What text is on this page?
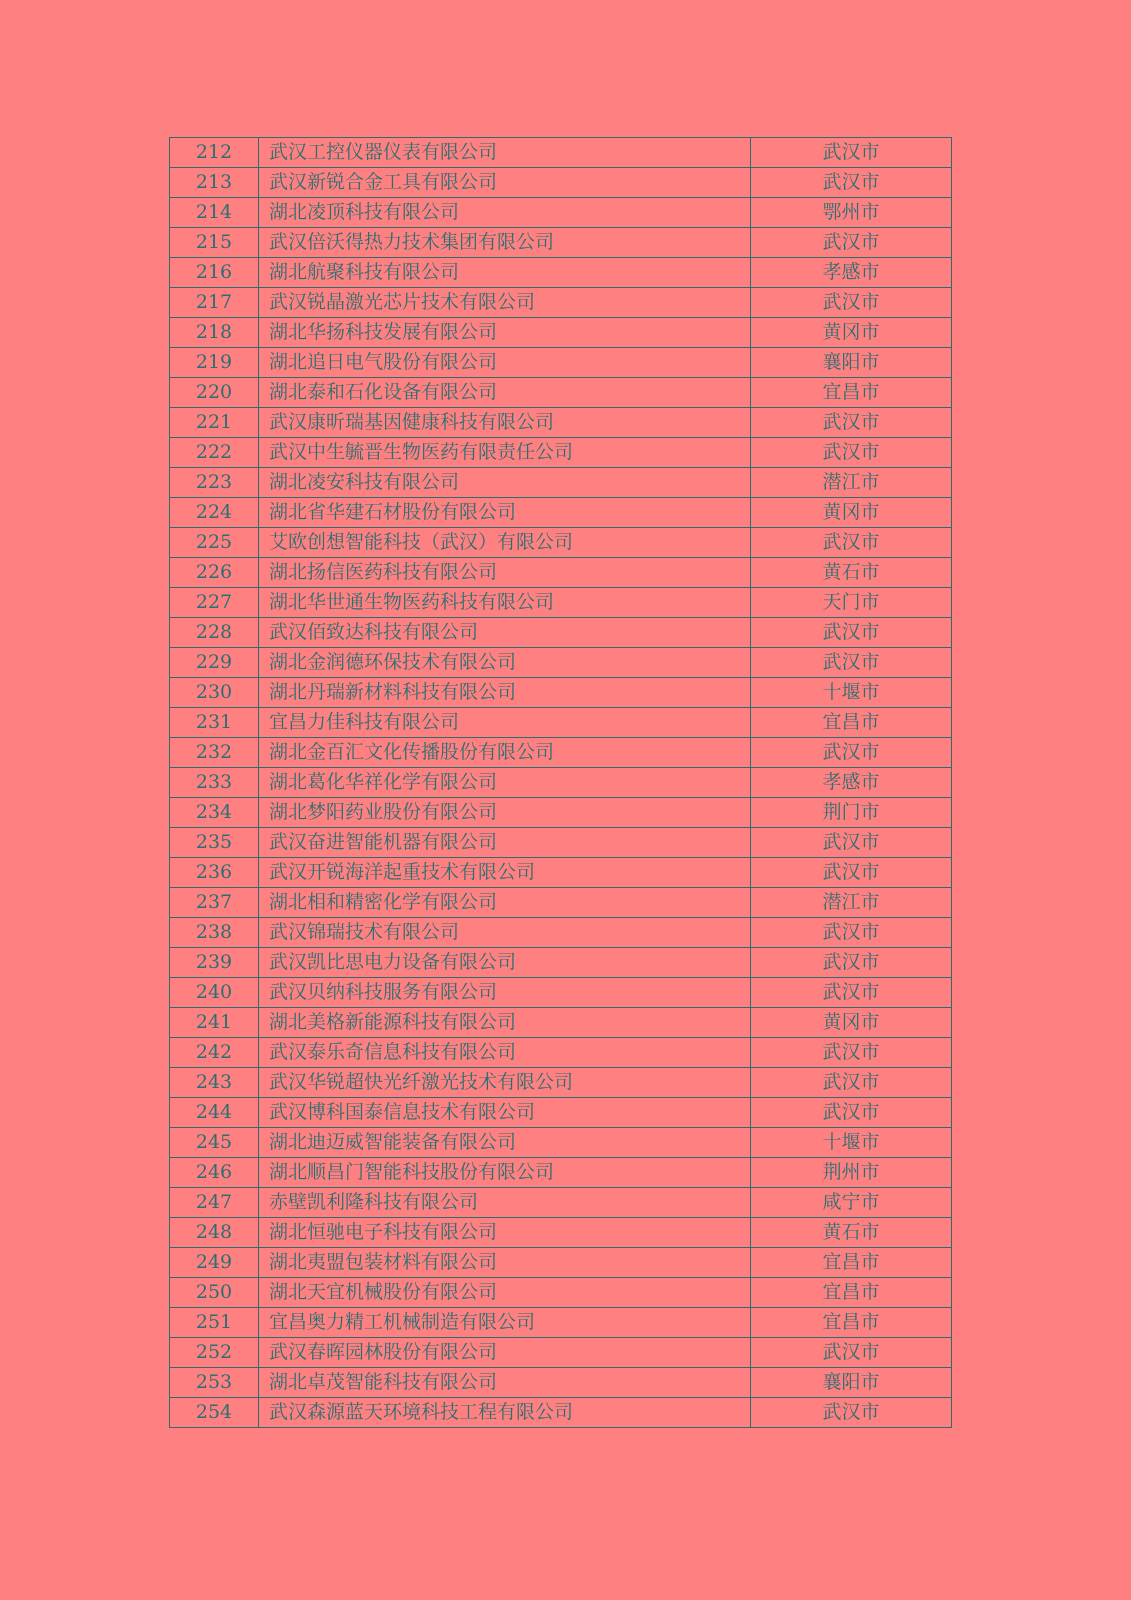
212	武汉工控仪器仪表有限公司	武汉市
213	武汉新锐合金工具有限公司	武汉市
214	湖北凌顶科技有限公司	鄂州市
215	武汉倍沃得热力技术集团有限公司	武汉市
216	湖北航聚科技有限公司	孝感市
217	武汉锐晶激光芯片技术有限公司	武汉市
218	湖北华扬科技发展有限公司	黄冈市
219	湖北追日电气股份有限公司	襄阳市
220	湖北泰和石化设备有限公司	宜昌市
221	武汉康昕瑞基因健康科技有限公司	武汉市
222	武汉中生毓晋生物医药有限责任公司	武汉市
223	湖北凌安科技有限公司	潜江市
224	湖北省华建石材股份有限公司	黄冈市
225	艾欧创想智能科技（武汉）有限公司	武汉市
226	湖北扬信医药科技有限公司	黄石市
227	湖北华世通生物医药科技有限公司	天门市
228	武汉佰致达科技有限公司	武汉市
229	湖北金润德环保技术有限公司	武汉市
230	湖北丹瑞新材料科技有限公司	十堰市
231	宜昌力佳科技有限公司	宜昌市
232	湖北金百汇文化传播股份有限公司	武汉市
233	湖北葛化华祥化学有限公司	孝感市
234	湖北梦阳药业股份有限公司	荆门市
235	武汉奋进智能机器有限公司	武汉市
236	武汉开锐海洋起重技术有限公司	武汉市
237	湖北相和精密化学有限公司	潜江市
238	武汉锦瑞技术有限公司	武汉市
239	武汉凯比思电力设备有限公司	武汉市
240	武汉贝纳科技服务有限公司	武汉市
241	湖北美格新能源科技有限公司	黄冈市
242	武汉泰乐奇信息科技有限公司	武汉市
243	武汉华锐超快光纤激光技术有限公司	武汉市
244	武汉博科国泰信息技术有限公司	武汉市
245	湖北迪迈威智能装备有限公司	十堰市
246	湖北顺昌门智能科技股份有限公司	荆州市
247	赤壁凯利隆科技有限公司	咸宁市
248	湖北恒驰电子科技有限公司	黄石市
249	湖北夷盟包装材料有限公司	宜昌市
250	湖北天宜机械股份有限公司	宜昌市
251	宜昌奥力精工机械制造有限公司	宜昌市
252	武汉春晖园林股份有限公司	武汉市
253	湖北卓茂智能科技有限公司	襄阳市
254	武汉森源蓝天环境科技工程有限公司	武汉市
